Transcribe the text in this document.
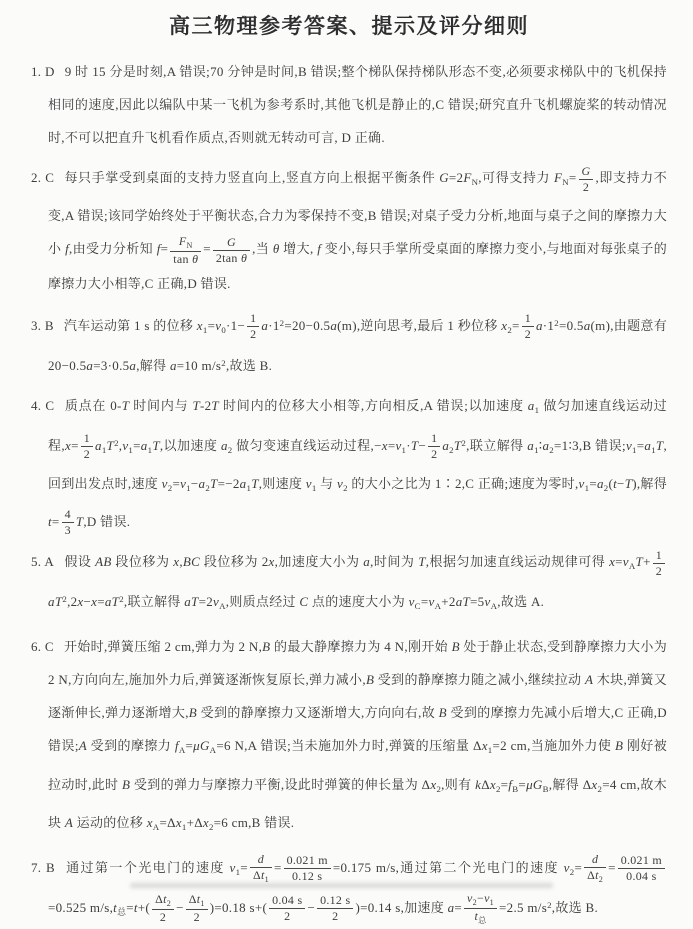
高三物理参考答案、提示及评分细则
1. D 9 时 15 分是时刻,A 错误;70 分钟是时间,B 错误;整个梯队保持梯队形态不变,必须要求梯队中的飞机保持相同的速度,因此以编队中某一飞机为参考系时,其他飞机是静止的,C 错误;研究直升飞机螺旋桨的转动情况时,不可以把直升飞机看作质点,否则就无转动可言, D 正确.
2. C 每只手掌受到桌面的支持力竖直向上,竖直方向上根据平衡条件 $G=2F_N$,可得支持力 $F_N= \frac{G}{2}$ ,即支持力不变,A 错误;该同学始终处于平衡状态,合力为零保持不变,B 错误;对桌子受力分析,地面与桌子之间的摩擦力大小 f,由受力分析知 $f= \frac{F_N}{\text{tan θ}} = \frac{G}{\text{2tan θ}}$ ,当 θ 增大, f 变小,每只手掌所受桌面的摩擦力变小,与地面对每张桌子的摩擦力大小相等,C 正确,D 错误.
3. B 汽车运动第 1 s 的位移 $x_1=v_0\cdot 1- \frac{1}{2} a\cdot 1^2=20-0.5a(m)$,逆向思考,最后 1 秒位移 $x_2= \frac{1}{2} a\cdot 1^2=0.5a(m)$,由题意有 20−0.5a=3·0.5a,解得 a=10 $m/s^2$,故选 B.
4. C 质点在 0-T 时间内与 T-2T 时间内的位移大小相等,方向相反,A 错误;以加速度 $a_1$ 做匀加速直线运动过程$,x= \frac{1}{2} a_1T^2,v_1=a_1T$,以加速度 $a_2$ 做匀变速直线运动过程$,-x=v_1\cdot T- \frac{1}{2} a_2T^2$,联立解得 $a_1∶a_2=1∶3,B$ 错误$;v_1=a_1T$,回到出发点时,速度 $v_2=v_1-a_2T=-2a_1T$,则速度 $v_1$ 与 $v_2$ 的大小之比为 1∶2,C 正确;速度为零时$,v_1=a_2(t-T)$,解得 $t= \frac{4}{3} T,D$ 错误.
5. A 假设 AB 段位移为 x,BC 段位移为 2x,加速度大小为 a,时间为 T,根据匀加速直线运动规律可得 $x=v_AT+ \frac{1}{2}$
$aT^2,2x-x=aT^2$,联立解得 $aT=2v_A$,则质点经过 C 点的速度大小为 $v_C=v_A+2aT=5v_A$,故选 A.
6. C 开始时,弹簧压缩 2 cm,弹力为 2 N,B 的最大静摩擦力为 4 N,刚开始 B 处于静止状态,受到静摩擦力大小为 2 N,方向向左,施加外力后,弹簧逐渐恢复原长,弹力减小,B 受到的静摩擦力随之减小,继续拉动 A 木块,弹簧又逐渐伸长,弹力逐渐增大,B 受到的静摩擦力又逐渐增大,方向向右,故 B 受到的摩擦力先减小后增大,C 正确,D 错误;A 受到的摩擦力 $f_A=\mu G_A=6$ N,A 错误;当未施加外力时,弹簧的压缩量 $\Delta x_1=2$ cm,当施加外力使 B 刚好被拉动时,此时 B 受到的弹力与摩擦力平衡,设此时弹簧的伸长量为 $\Delta x_2$,则有 $k\Delta x_2=f_B=\mu G_B$,解得 $\Delta x_2=4$ cm,故木块 A 运动的位移 $x_A=\Delta x_1+\Delta x_2=6$ cm,B 错误.
7. B 通过第一个光电门的速度 $v_1= \frac{d}{\Delta t_1} = \frac{0.021 m}{0.12 s} =0.175$ m/s,通过第二个光电门的速度 $v_2= \frac{d}{\Delta t_2} = \frac{0.021 m}{0.04 s}$
=0.525 $m/s,t_总=t+( \frac{\Delta t_2}{2} - \frac{\Delta t_1}{2} )=0.18$ $s+( \frac{0.04 s}{2} - \frac{0.12 s}{2} )=0.14$ s,加速度 $a= \frac{v_2-v_1}{t_总} =2.5$ $m/s^2$,故选 B.
